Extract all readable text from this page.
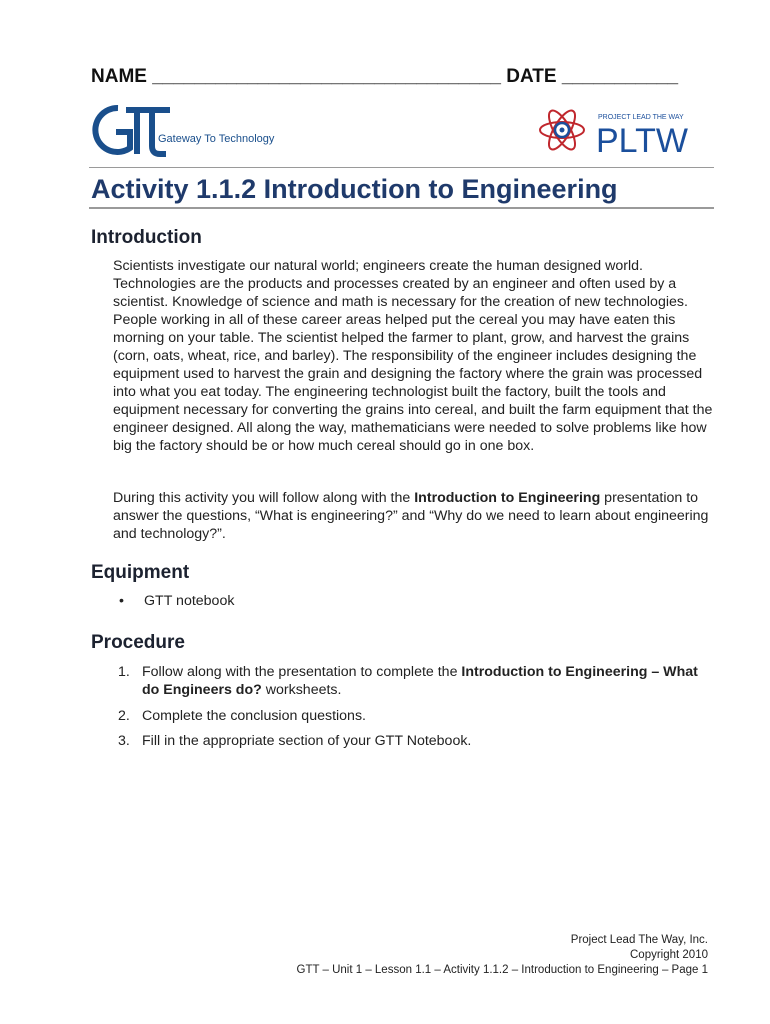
NAME _________________________________ DATE ___________
Gateway To Technology
PROJECT LEAD THE WAY
PLTW
Activity 1.1.2 Introduction to Engineering
Introduction

Scientists investigate our natural world; engineers create the human designed world. Technologies are the products and processes created by an engineer and often used by a scientist. Knowledge of science and math is necessary for the creation of new technologies. People working in all of these career areas helped put the cereal you may have eaten this morning on your table. The scientist helped the farmer to plant, grow, and harvest the grains (corn, oats, wheat, rice, and barley). The responsibility of the engineer includes designing the equipment used to harvest the grain and designing the factory where the grain was processed into what you eat today. The engineering technologist built the factory, built the tools and equipment necessary for converting the grains into cereal, and built the farm equipment that the engineer designed. All along the way, mathematicians were needed to solve problems like how big the factory should be or how much cereal should go in one box.

During this activity you will follow along with the Introduction to Engineering presentation to answer the questions, “What is engineering?” and “Why do we need to learn about engineering and technology?”.

Equipment
• GTT notebook
Procedure
1. Follow along with the presentation to complete the Introduction to Engineering – What do Engineers do? worksheets.
2. Complete the conclusion questions.
3. Fill in the appropriate section of your GTT Notebook.
Project Lead The Way, Inc.
Copyright 2010
GTT – Unit 1 – Lesson 1.1 – Activity 1.1.2 – Introduction to Engineering – Page 1
